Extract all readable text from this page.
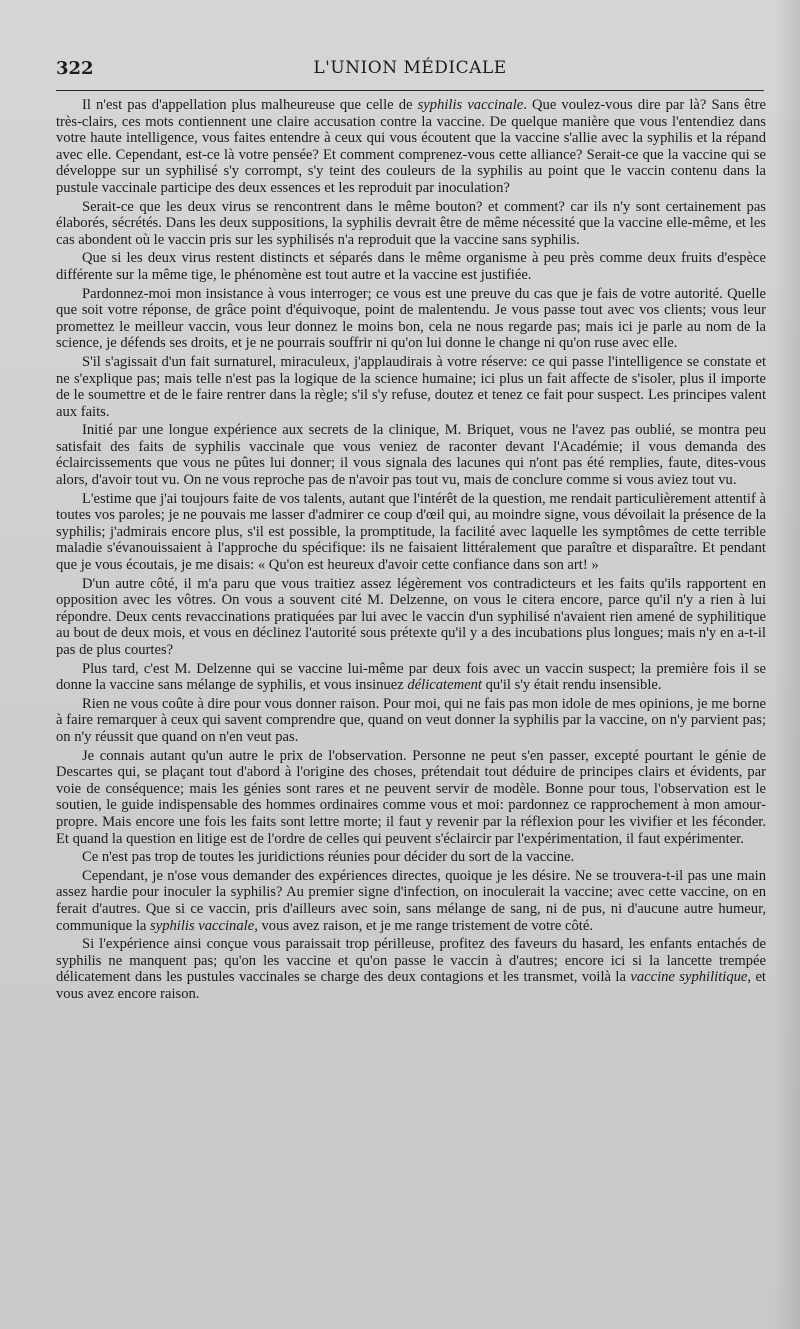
322	L'UNION MÉDICALE

Il n'est pas d'appellation plus malheureuse que celle de syphilis vaccinale. Que voulez-vous dire par là? Sans être très-clairs, ces mots contiennent une claire accusation contre la vaccine. De quelque manière que vous l'entendiez dans votre haute intelligence, vous faites entendre à ceux qui vous écoutent que la vaccine s'allie avec la syphilis et la répand avec elle. Cependant, est-ce là votre pensée? Et comment comprenez-vous cette alliance? Serait-ce que la vaccine qui se développe sur un syphilisé s'y corrompt, s'y teint des couleurs de la syphilis au point que le vaccin contenu dans la pustule vaccinale participe des deux essences et les reproduit par inoculation?

Serait-ce que les deux virus se rencontrent dans le même bouton? et comment? car ils n'y sont certainement pas élaborés, sécrétés. Dans les deux suppositions, la syphilis devrait être de même nécessité que la vaccine elle-même, et les cas abondent où le vaccin pris sur les syphilisés n'a reproduit que la vaccine sans syphilis.

Que si les deux virus restent distincts et séparés dans le même organisme à peu près comme deux fruits d'espèce différente sur la même tige, le phénomène est tout autre et la vaccine est justifiée.

Pardonnez-moi mon insistance à vous interroger; ce vous est une preuve du cas que je fais de votre autorité. Quelle que soit votre réponse, de grâce point d'équivoque, point de malentendu. Je vous passe tout avec vos clients; vous leur promettez le meilleur vaccin, vous leur donnez le moins bon, cela ne nous regarde pas; mais ici je parle au nom de la science, je défends ses droits, et je ne pourrais souffrir ni qu'on lui donne le change ni qu'on ruse avec elle.

S'il s'agissait d'un fait surnaturel, miraculeux, j'applaudirais à votre réserve: ce qui passe l'intelligence se constate et ne s'explique pas; mais telle n'est pas la logique de la science humaine; ici plus un fait affecte de s'isoler, plus il importe de le soumettre et de le faire rentrer dans la règle; s'il s'y refuse, doutez et tenez ce fait pour suspect. Les principes valent aux faits.

Initié par une longue expérience aux secrets de la clinique, M. Briquet, vous ne l'avez pas oublié, se montra peu satisfait des faits de syphilis vaccinale que vous veniez de raconter devant l'Académie; il vous demanda des éclaircissements que vous ne pûtes lui donner; il vous signala des lacunes qui n'ont pas été remplies, faute, dites-vous alors, d'avoir tout vu. On ne vous reproche pas de n'avoir pas tout vu, mais de conclure comme si vous aviez tout vu.

L'estime que j'ai toujours faite de vos talents, autant que l'intérêt de la question, me rendait particulièrement attentif à toutes vos paroles; je ne pouvais me lasser d'admirer ce coup d'œil qui, au moindre signe, vous dévoilait la présence de la syphilis; j'admirais encore plus, s'il est possible, la promptitude, la facilité avec laquelle les symptômes de cette terrible maladie s'évanouissaient à l'approche du spécifique: ils ne faisaient littéralement que paraître et disparaître. Et pendant que je vous écoutais, je me disais: « Qu'on est heureux d'avoir cette confiance dans son art! »

D'un autre côté, il m'a paru que vous traitiez assez légèrement vos contradicteurs et les faits qu'ils rapportent en opposition avec les vôtres. On vous a souvent cité M. Delzenne, on vous le citera encore, parce qu'il n'y a rien à lui répondre. Deux cents revaccinations pratiquées par lui avec le vaccin d'un syphilisé n'avaient rien amené de syphilitique au bout de deux mois, et vous en déclinez l'autorité sous prétexte qu'il y a des incubations plus longues; mais n'y en a-t-il pas de plus courtes?

Plus tard, c'est M. Delzenne qui se vaccine lui-même par deux fois avec un vaccin suspect; la première fois il se donne la vaccine sans mélange de syphilis, et vous insinuez délicatement qu'il s'y était rendu insensible.

Rien ne vous coûte à dire pour vous donner raison. Pour moi, qui ne fais pas mon idole de mes opinions, je me borne à faire remarquer à ceux qui savent comprendre que, quand on veut donner la syphilis par la vaccine, on n'y parvient pas; on n'y réussit que quand on n'en veut pas.

Je connais autant qu'un autre le prix de l'observation. Personne ne peut s'en passer, excepté pourtant le génie de Descartes qui, se plaçant tout d'abord à l'origine des choses, prétendait tout déduire de principes clairs et évidents, par voie de conséquence; mais les génies sont rares et ne peuvent servir de modèle. Bonne pour tous, l'observation est le soutien, le guide indispensable des hommes ordinaires comme vous et moi: pardonnez ce rapprochement à mon amour-propre. Mais encore une fois les faits sont lettre morte; il faut y revenir par la réflexion pour les vivifier et les féconder. Et quand la question en litige est de l'ordre de celles qui peuvent s'éclaircir par l'expérimentation, il faut expérimenter.

Ce n'est pas trop de toutes les juridictions réunies pour décider du sort de la vaccine.

Cependant, je n'ose vous demander des expériences directes, quoique je les désire. Ne se trouvera-t-il pas une main assez hardie pour inoculer la syphilis? Au premier signe d'infection, on inoculerait la vaccine; avec cette vaccine, on en ferait d'autres. Que si ce vaccin, pris d'ailleurs avec soin, sans mélange de sang, ni de pus, ni d'aucune autre humeur, communique la syphilis vaccinale, vous avez raison, et je me range tristement de votre côté.

Si l'expérience ainsi conçue vous paraissait trop périlleuse, profitez des faveurs du hasard, les enfants entachés de syphilis ne manquent pas; qu'on les vaccine et qu'on passe le vaccin à d'autres; encore ici si la lancette trempée délicatement dans les pustules vaccinales se charge des deux contagions et les transmet, voilà la vaccine syphilitique, et vous avez encore raison.
